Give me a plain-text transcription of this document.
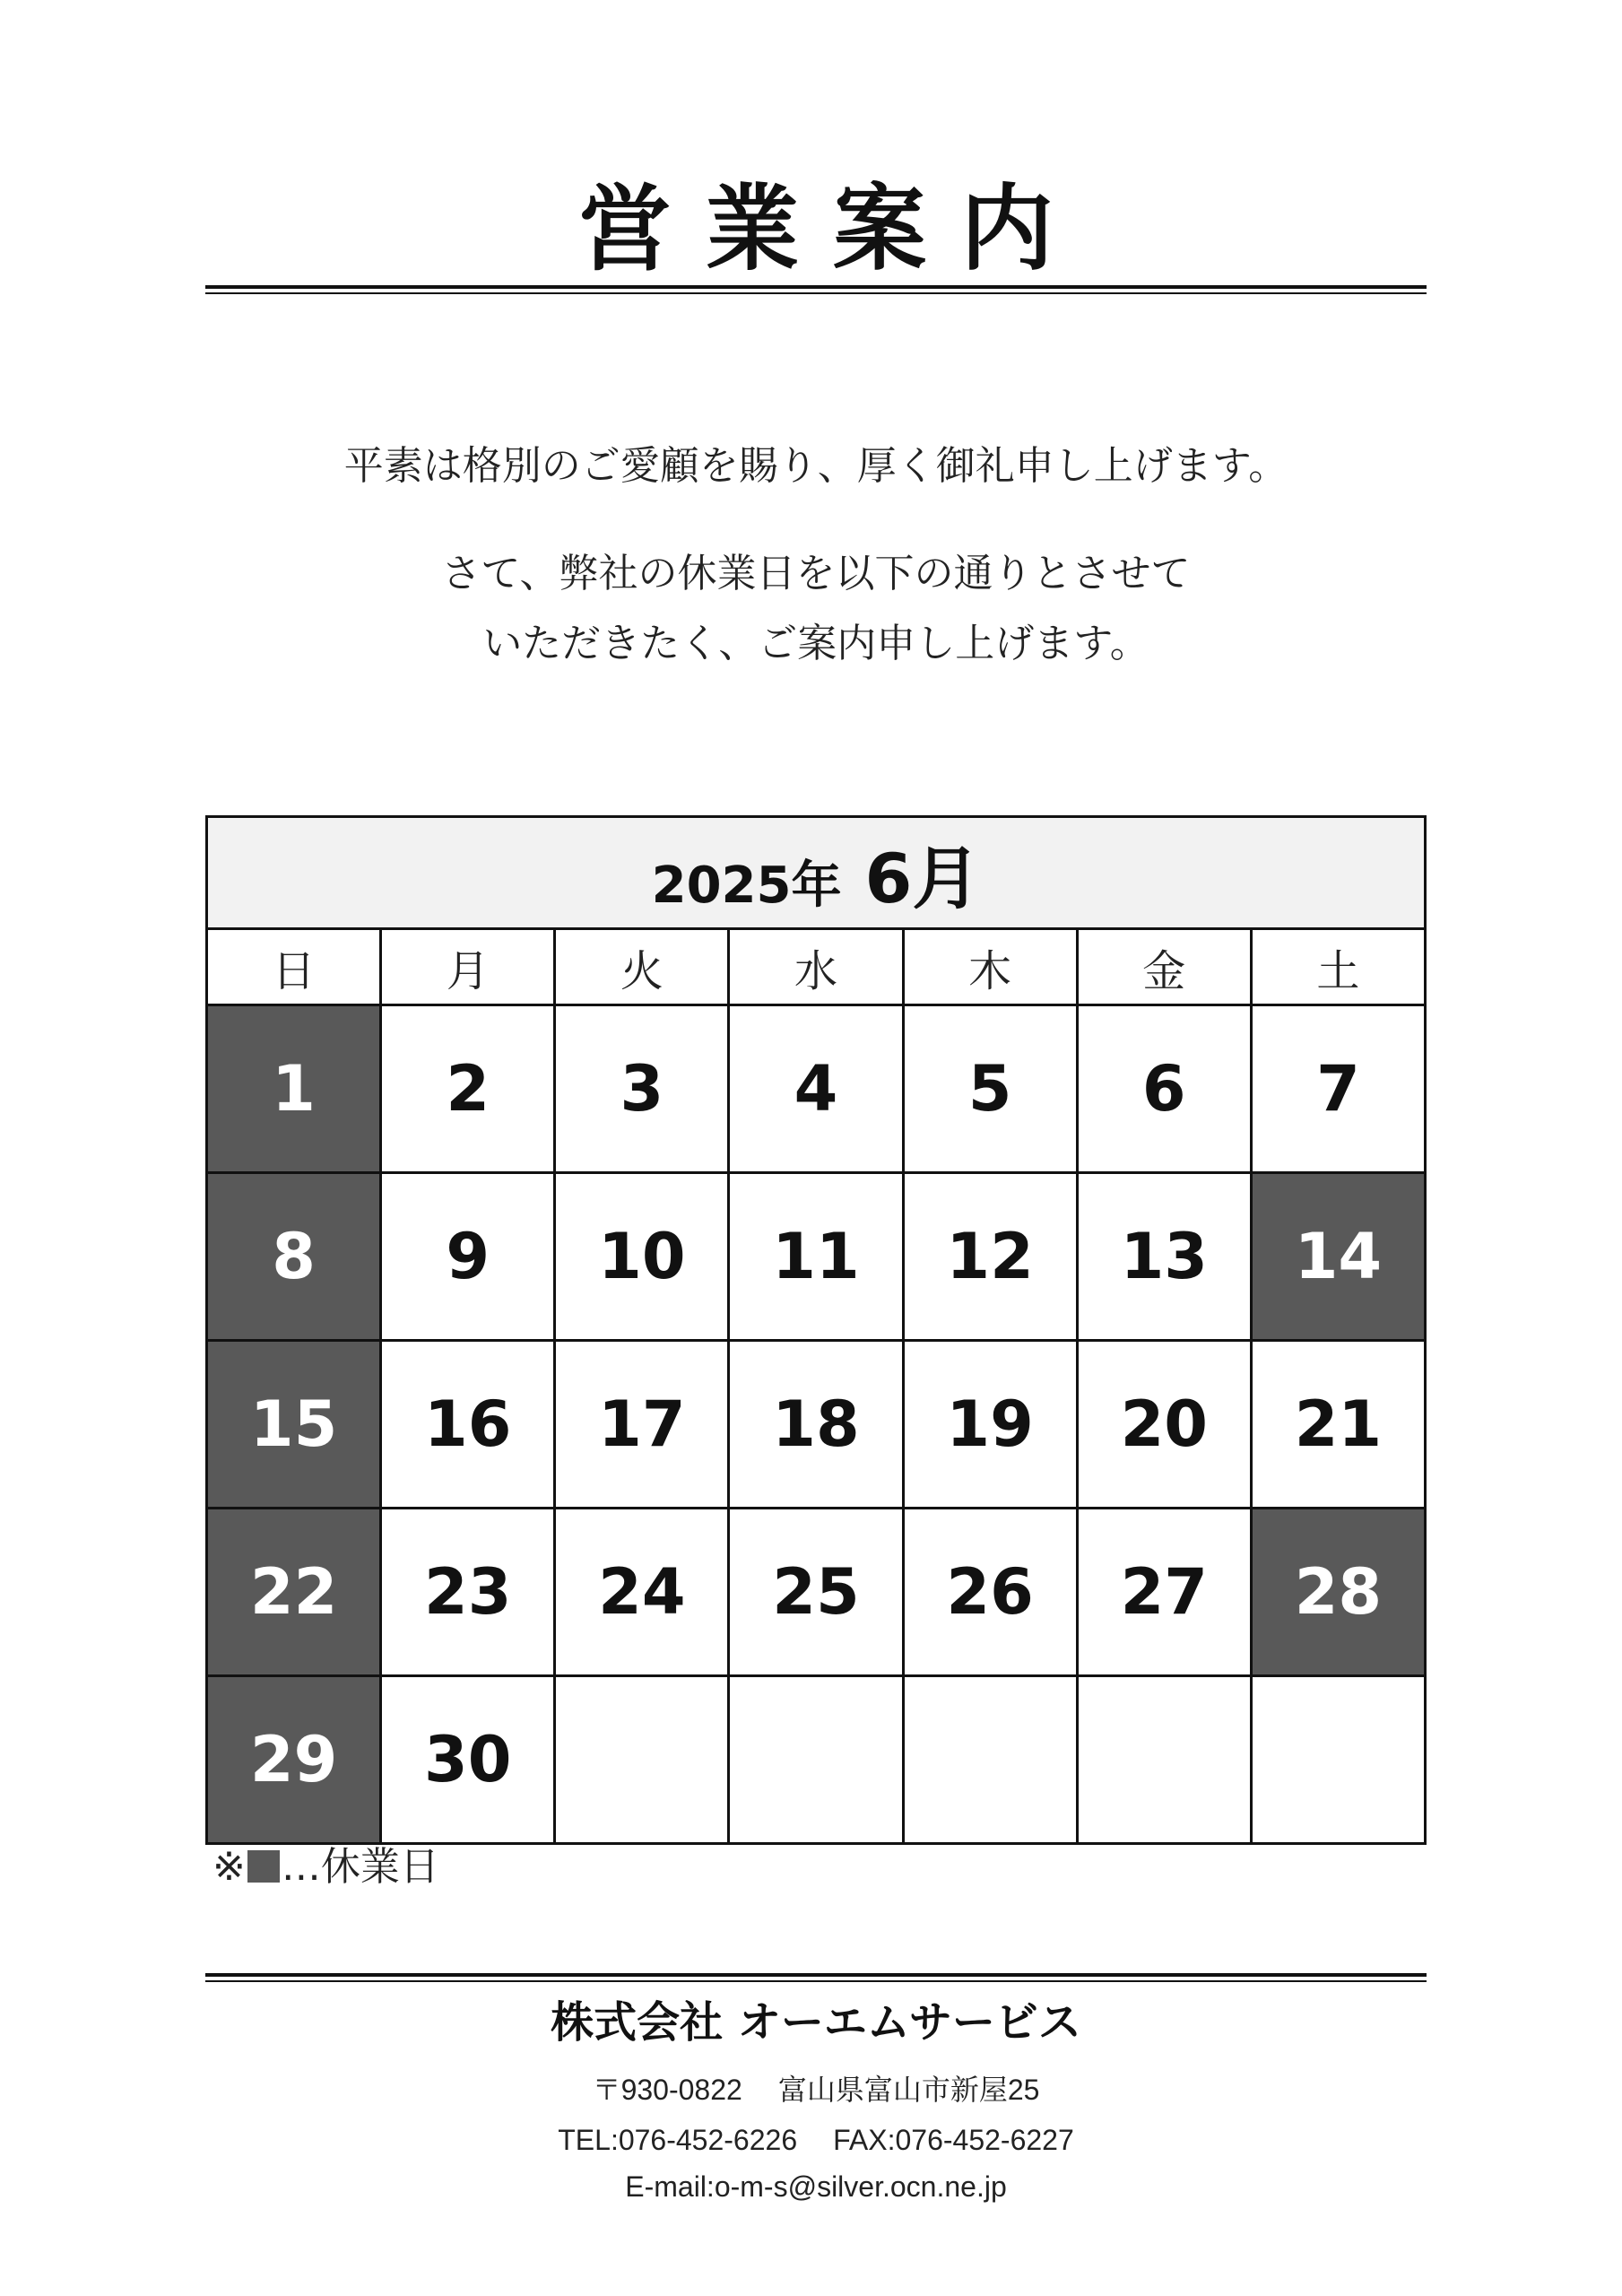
営業案内
平素は格別のご愛顧を賜り、厚く御礼申し上げます。
さて、弊社の休業日を以下の通りとさせて
いただきたく、ご案内申し上げます。
2025年 6月						
日	月	火	水	木	金	土
1	2	3	4	5	6	7
8	9	10	11	12	13	14
15	16	17	18	19	20	21
22	23	24	25	26	27	28
29	30					
※ …休業日
株式会社 オーエムサービス
〒930-0822 富山県富山市新屋25
TEL:076-452-6226 FAX:076-452-6227
E-mail:o-m-s@silver.ocn.ne.jp
